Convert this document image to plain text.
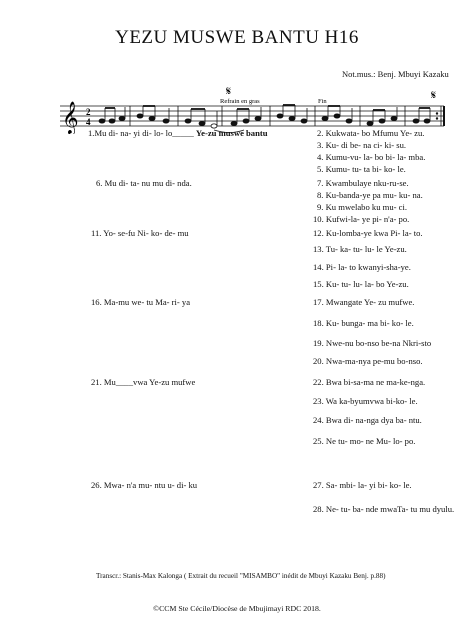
YEZU MUSWE BANTU H16
Not.mus.: Benj. Mbuyi Kazaku
𝄞 2
4
𝄋	𝄋
Refrain en gras	Fin
1.Mu di- na- yi di- lo- lo_____ Ye-zu muswe bantu
6. Mu di- ta- nu mu di- nda.
11. Yo- se-fu Ni- ko- de- mu
16. Ma-mu we- tu Ma- ri- ya
21. Mu____vwa Ye-zu mufwe
26. Mwa- n'a mu- ntu u- di- ku
2. Kukwata- bo Mfumu Ye- zu.
3. Ku- di be- na ci- ki- su.
4. Kumu-vu- la- bo bi- la- mba.
5. Kumu- tu- ta bi- ko- le.
7. Kwambulaye nku-ru-se.
8. Ku-banda-ye pa mu- ku- na.
9. Ku mwelabo ku mu- ci.
10. Kufwi-la- ye pi- n'a- po.
12. Ku-lomba-ye kwa Pi- la- to.
13. Tu- ka- tu- lu- le Ye-zu.
14. Pi- la- to kwanyi-sha-ye.
15. Ku- tu- lu- la- bo Ye-zu.
17. Mwangate Ye- zu mufwe.
18. Ku- bunga- ma bi- ko- le.
19. Nwe-nu bo-nso be-na Nkri-sto
20. Nwa-ma-nya pe-mu bo-nso.
22. Bwa bi-sa-ma ne ma-ke-nga.
23. Wa ka-byumvwa bi-ko- le.
24. Bwa di- na-nga dya ba- ntu.
25. Ne tu- mo- ne Mu- lo- po.
27. Sa- mbi- la- yi bi- ko- le.
28. Ne- tu- ba- nde mwaTa- tu mu dyulu.
Transcr.: Stanis-Max Kalonga ( Extrait du recueil "MISAMBO" inédit de Mbuyi Kazaku Benj. p.88)
©CCM Ste Cécile/Diocèse de Mbujimayi RDC 2018.
